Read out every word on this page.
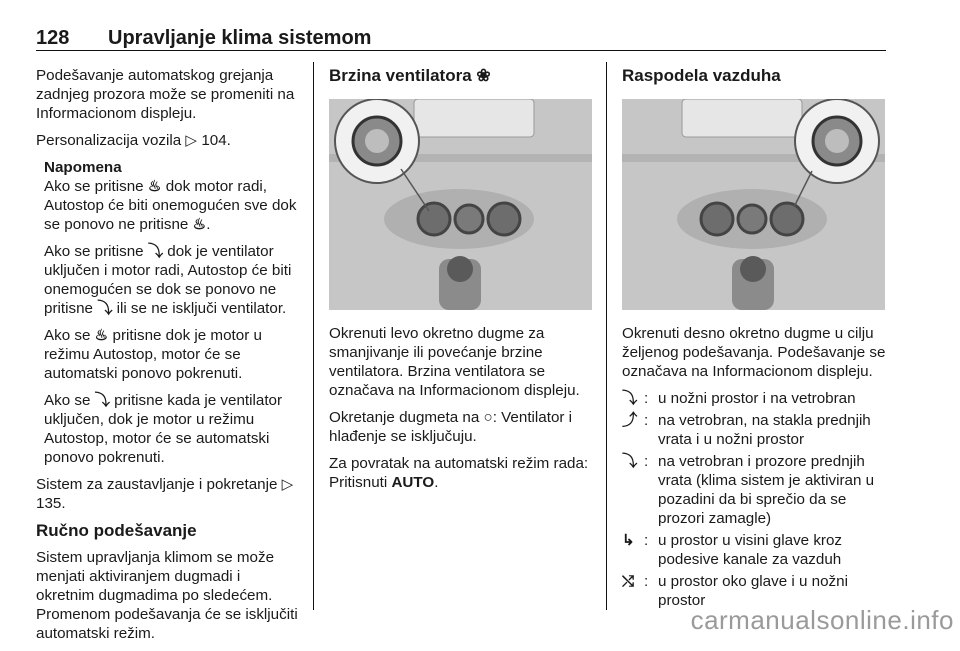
128 Upravljanje klima sistemom

Podešavanje automatskog grejanja zadnjeg prozora može se promeniti na Informacionom displeju.

Personalizacija vozila ▷ 104.

Napomena

Ako se pritisne ♨ dok motor radi, Autostop će biti onemogućen sve dok se ponovo ne pritisne ♨.

Ako se pritisne ⤵ dok je ventilator uključen i motor radi, Autostop će biti onemogućen se dok se ponovo ne pritisne ⤵ ili se ne isključi ventilator.

Ako se ♨ pritisne dok je motor u režimu Autostop, motor će se automatski ponovo pokrenuti.

Ako se ⤵ pritisne kada je ventilator uključen, dok je motor u režimu Autostop, motor će se automatski ponovo pokrenuti.

Sistem za zaustavljanje i pokretanje ▷ 135.

Ručno podešavanje

Sistem upravljanja klimom se može menjati aktiviranjem dugmadi i okretnim dugmadima po sledećem. Promenom podešavanja će se isključiti automatski režim.

Brzina ventilatora ❀

Okrenuti levo okretno dugme za smanjivanje ili povećanje brzine ventilatora. Brzina ventilatora se označava na Informacionom displeju.

Okretanje dugmeta na ○: Ventilator i hlađenje se isključuju.

Za povratak na automatski režim rada: Pritisnuti AUTO.

Raspodela vazduha

Okrenuti desno okretno dugme u cilju željenog podešavanja. Podešavanje se označava na Informacionom displeju.

⤵ : u nožni prostor i na vetrobran
⤴ : na vetrobran, na stakla prednjih vrata i u nožni prostor
⤵ : na vetrobran i prozore prednjih vrata (klima sistem je aktiviran u pozadini da bi sprečio da se prozori zamagle)
↳ : u prostor u visini glave kroz podesive kanale za vazduh
⤭ : u prostor oko glave i u nožni prostor
carmanualsonline.info
